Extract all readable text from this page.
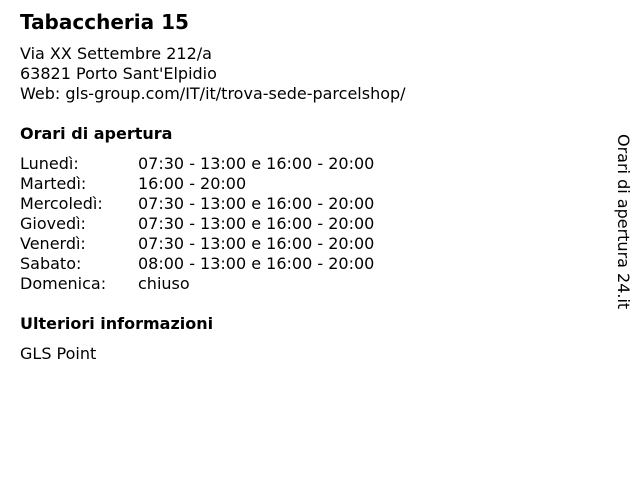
Tabaccheria 15
Via XX Settembre 212/a
63821 Porto Sant'Elpidio
Web: gls-group.com/IT/it/trova-sede-parcelshop/
Orari di apertura
Lunedì:	07:30 - 13:00 e 16:00 - 20:00
Martedì:	16:00 - 20:00
Mercoledì:	07:30 - 13:00 e 16:00 - 20:00
Giovedì:	07:30 - 13:00 e 16:00 - 20:00
Venerdì:	07:30 - 13:00 e 16:00 - 20:00
Sabato:	08:00 - 13:00 e 16:00 - 20:00
Domenica:	chiuso
Ulteriori informazioni
GLS Point
Orari di apertura 24.it
